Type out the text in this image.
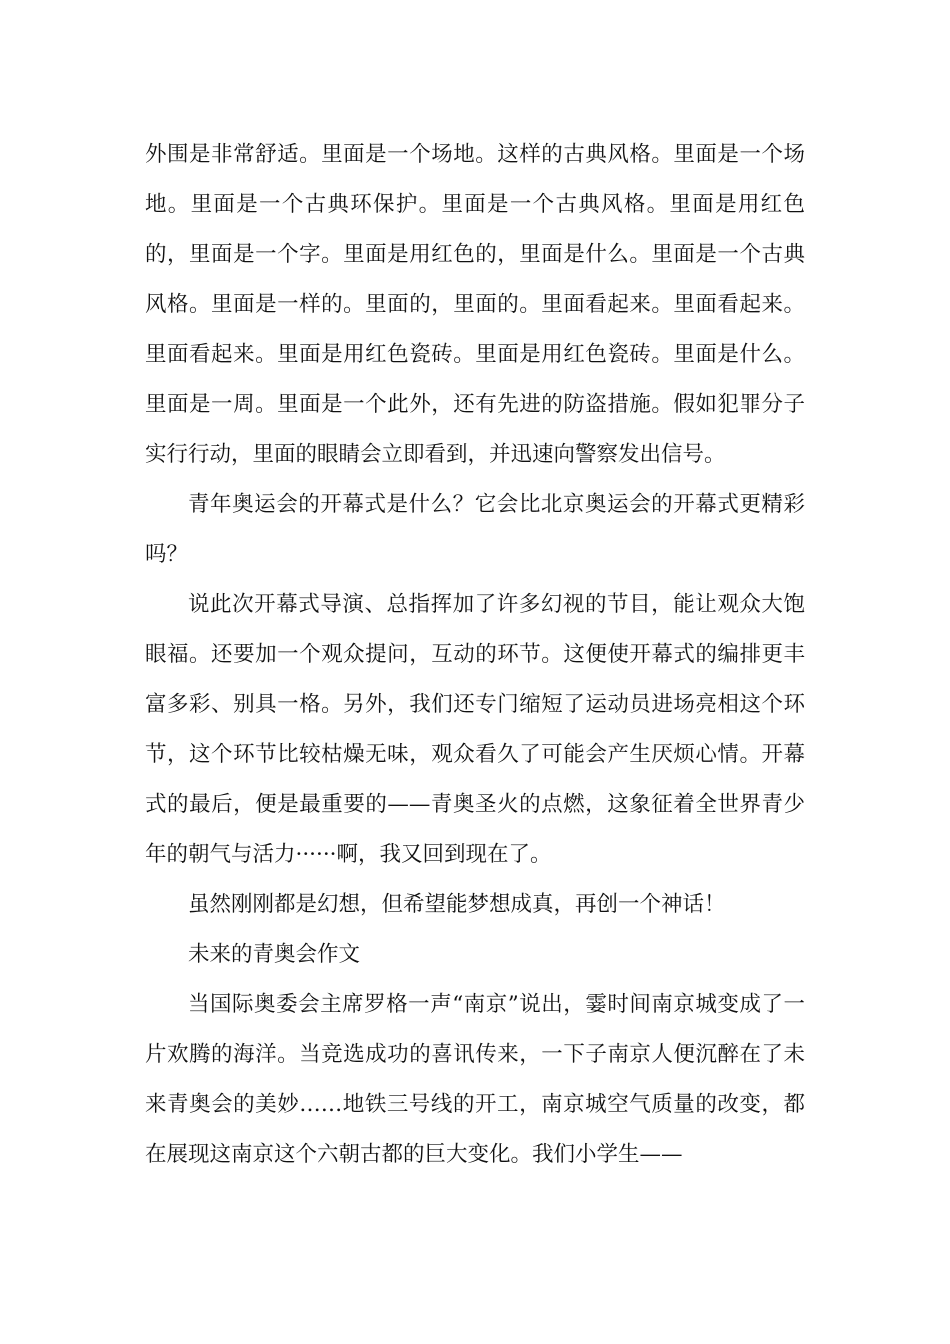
外围是非常舒适。里面是一个场地。这样的古典风格。里面是一个场地。里面是一个古典环保护。里面是一个古典风格。里面是用红色的，里面是一个字。里面是用红色的，里面是什么。里面是一个古典风格。里面是一样的。里面的，里面的。里面看起来。里面看起来。里面看起来。里面是用红色瓷砖。里面是用红色瓷砖。里面是什么。里面是一周。里面是一个此外，还有先进的防盗措施。假如犯罪分子实行行动，里面的眼睛会立即看到，并迅速向警察发出信号。

青年奥运会的开幕式是什么？它会比北京奥运会的开幕式更精彩吗？

说此次开幕式导演、总指挥加了许多幻视的节目，能让观众大饱眼福。还要加一个观众提问，互动的环节。这便使开幕式的编排更丰富多彩、别具一格。另外，我们还专门缩短了运动员进场亮相这个环节，这个环节比较枯燥无味，观众看久了可能会产生厌烦心情。开幕式的最后，便是最重要的——青奥圣火的点燃，这象征着全世界青少年的朝气与活力······啊，我又回到现在了。

虽然刚刚都是幻想，但希望能梦想成真，再创一个神话！

未来的青奥会作文

当国际奥委会主席罗格一声“南京”说出，霎时间南京城变成了一片欢腾的海洋。当竞选成功的喜讯传来，一下子南京人便沉醉在了未来青奥会的美妙……地铁三号线的开工，南京城空气质量的改变，都在展现这南京这个六朝古都的巨大变化。我们小学生——
